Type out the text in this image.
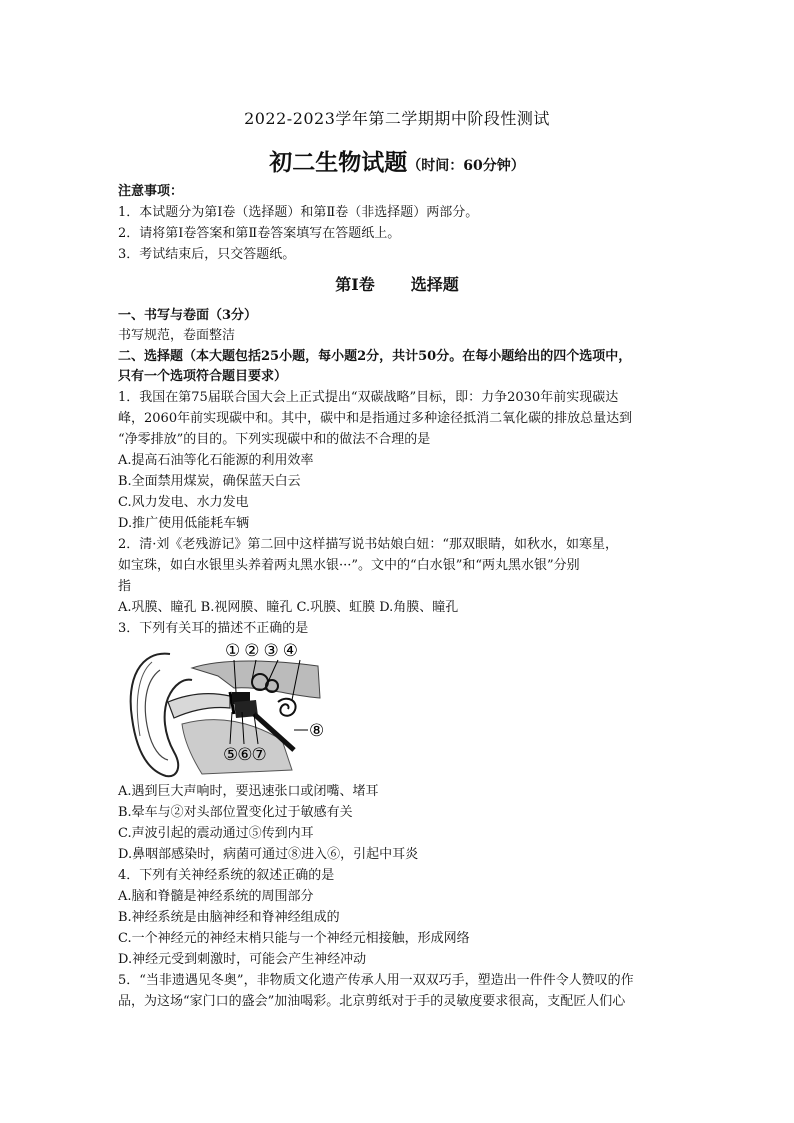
2022-2023学年第二学期期中阶段性测试
初二生物试题（时间：60分钟）
注意事项：
1．本试题分为第Ⅰ卷（选择题）和第Ⅱ卷（非选择题）两部分。
2．请将第Ⅰ卷答案和第Ⅱ卷答案填写在答题纸上。
3．考试结束后，只交答题纸。
第Ⅰ卷 选择题
一、书写与卷面（3分）
书写规范，卷面整洁
二、选择题（本大题包括25小题，每小题2分，共计50分。在每小题给出的四个选项中，
只有一个选项符合题目要求）
1．我国在第75届联合国大会上正式提出“双碳战略”目标，即：力争2030年前实现碳达
峰，2060年前实现碳中和。其中，碳中和是指通过多种途径抵消二氧化碳的排放总量达到
“净零排放”的目的。下列实现碳中和的做法不合理的是
A.提高石油等化石能源的利用效率
B.全面禁用煤炭，确保蓝天白云
C.风力发电、水力发电
D.推广使用低能耗车辆
2．清·刘《老残游记》第二回中这样描写说书姑娘白妞：“那双眼睛，如秋水，如寒星，
如宝珠，如白水银里头养着两丸黑水银···”。文中的“白水银”和“两丸黑水银”分别
指
A.巩膜、瞳孔 B.视网膜、瞳孔 C.巩膜、虹膜 D.角膜、瞳孔
3．下列有关耳的描述不正确的是
①②③④
⑤⑥⑦
⑧
A.遇到巨大声响时，要迅速张口或闭嘴、堵耳
B.晕车与②对头部位置变化过于敏感有关
C.声波引起的震动通过⑤传到内耳
D.鼻咽部感染时，病菌可通过⑧进入⑥，引起中耳炎
4．下列有关神经系统的叙述正确的是
A.脑和脊髓是神经系统的周围部分
B.神经系统是由脑神经和脊神经组成的
C.一个神经元的神经末梢只能与一个神经元相接触，形成网络
D.神经元受到刺激时，可能会产生神经冲动
5．“当非遗遇见冬奥”，非物质文化遗产传承人用一双双巧手，塑造出一件件令人赞叹的作
品，为这场“家门口的盛会”加油喝彩。北京剪纸对于手的灵敏度要求很高，支配匠人们心
